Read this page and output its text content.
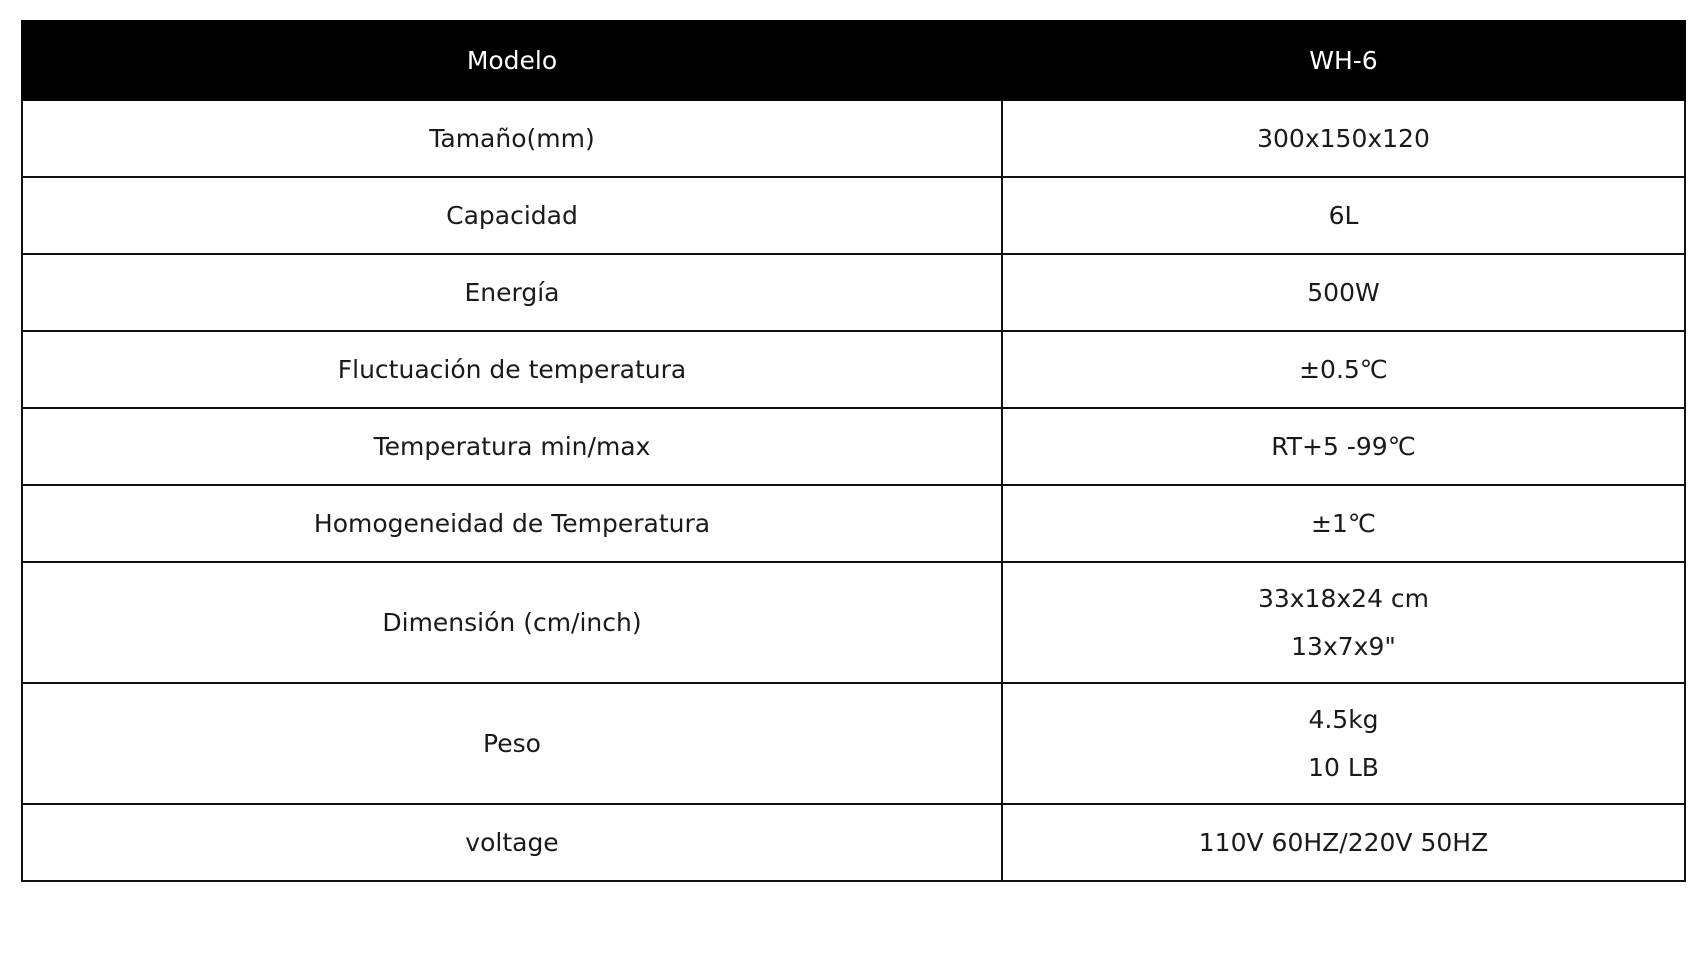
Modelo	WH-6
Tamaño(mm)	300x150x120
Capacidad	6L
Energía	500W
Fluctuación de temperatura	±0.5℃
Temperatura min/max	RT+5 -99℃
Homogeneidad de Temperatura	±1℃
Dimensión (cm/inch)	33x18x24 cm
13x7x9"

Peso	4.5kg
10 LB

voltage	110V 60HZ/220V 50HZ
